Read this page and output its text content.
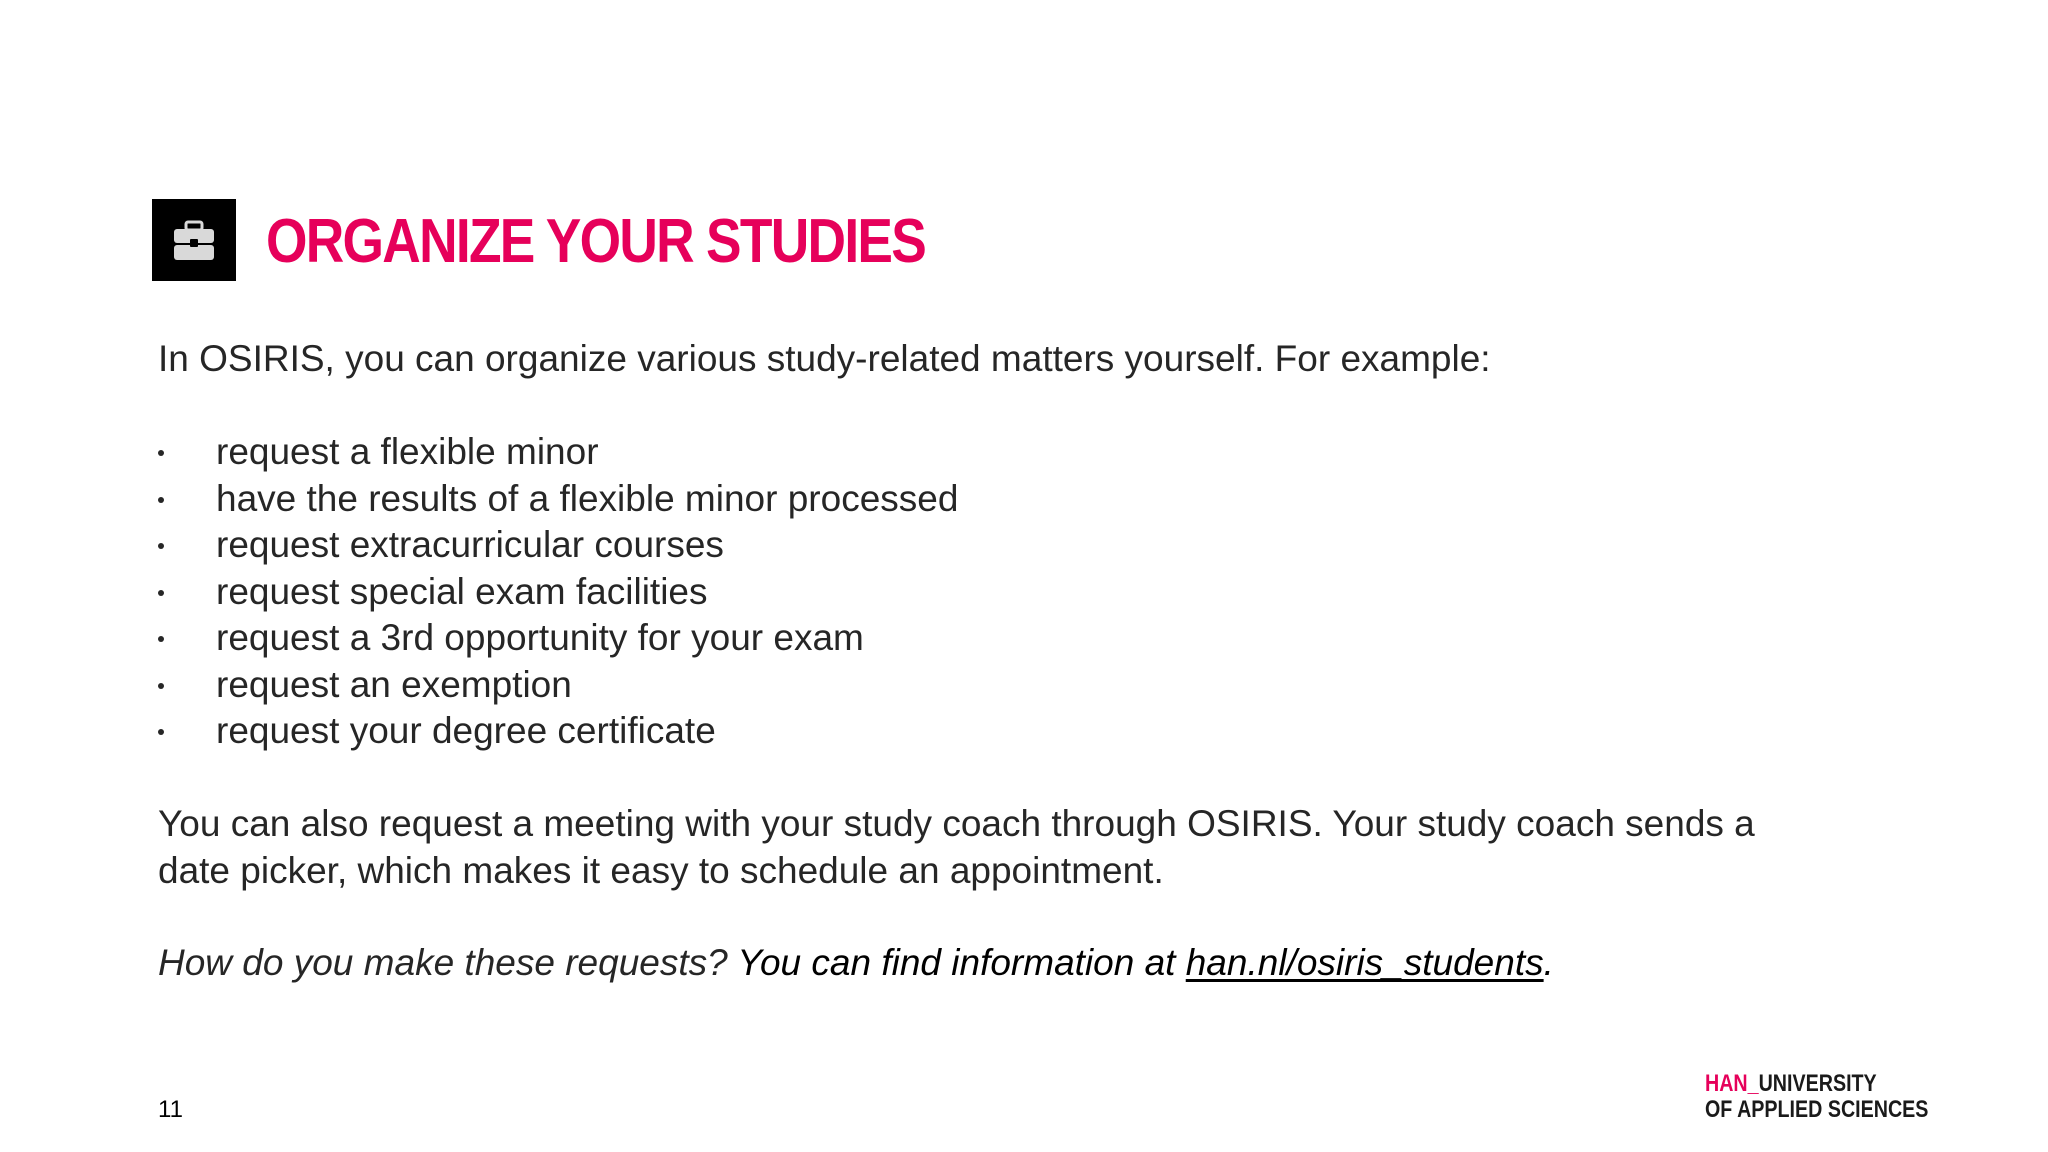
ORGANIZE YOUR STUDIES
In OSIRIS, you can organize various study-related matters yourself. For example:
request a flexible minor
have the results of a flexible minor processed
request extracurricular courses
request special exam facilities
request a 3rd opportunity for your exam
request an exemption
request your degree certificate
You can also request a meeting with your study coach through OSIRIS. Your study coach sends a
date picker, which makes it easy to schedule an appointment.
How do you make these requests? You can find information at han.nl/osiris_students.
11
HAN_UNIVERSITY
OF APPLIED SCIENCES
